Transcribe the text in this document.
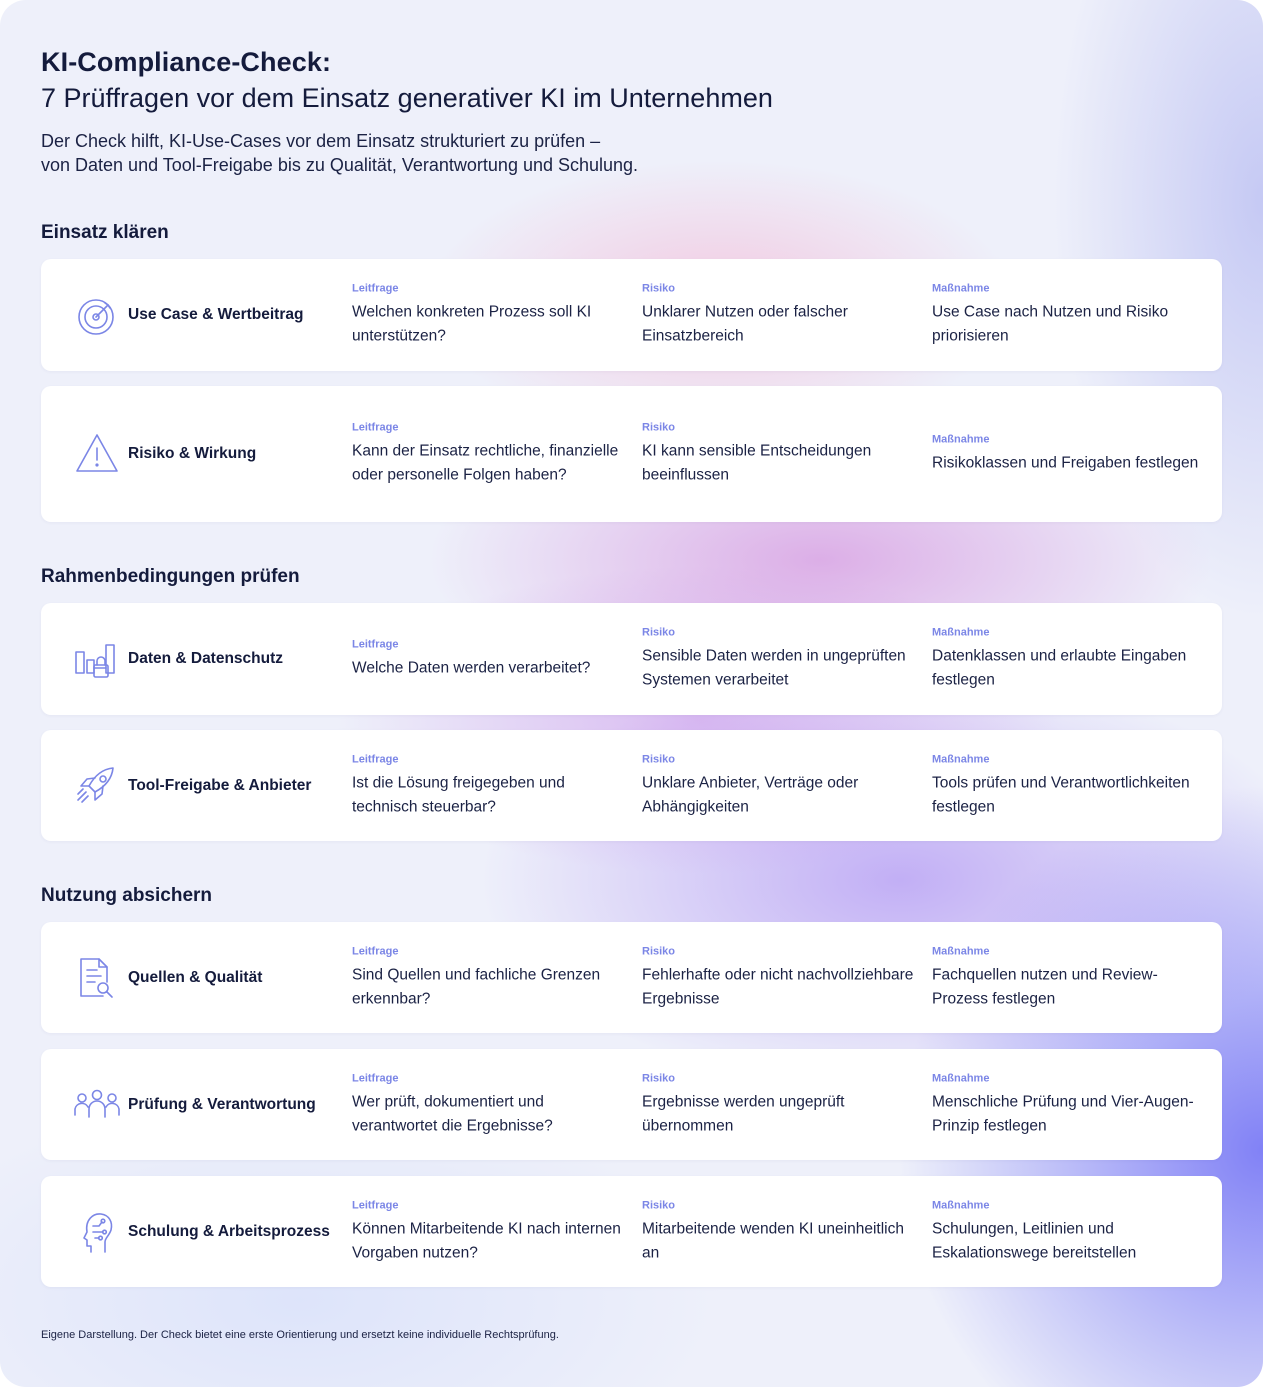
KI-Compliance-Check:
7 Prüffragen vor dem Einsatz generativer KI im Unternehmen

Der Check hilft, KI-Use-Cases vor dem Einsatz strukturiert zu prüfen –
von Daten und Tool-Freigabe bis zu Qualität, Verantwortung und Schulung.

Einsatz klären
Use Case & Wertbeitrag
Leitfrage
Welchen konkreten Prozess soll KI unterstützen?
Risiko
Unklarer Nutzen oder falscher Einsatzbereich
Maßnahme
Use Case nach Nutzen und Risiko priorisieren
Risiko & Wirkung
Leitfrage
Kann der Einsatz rechtliche, finanzielle oder personelle Folgen haben?
Risiko
KI kann sensible Entscheidungen beeinflussen
Maßnahme
Risikoklassen und Freigaben festlegen
Rahmenbedingungen prüfen
Daten & Datenschutz
Leitfrage
Welche Daten werden verarbeitet?
Risiko
Sensible Daten werden in ungeprüften Systemen verarbeitet
Maßnahme
Datenklassen und erlaubte Eingaben festlegen
Tool-Freigabe & Anbieter
Leitfrage
Ist die Lösung freigegeben und technisch steuerbar?
Risiko
Unklare Anbieter, Verträge oder Abhängigkeiten
Maßnahme
Tools prüfen und Verantwortlichkeiten festlegen
Nutzung absichern
Quellen & Qualität
Leitfrage
Sind Quellen und fachliche Grenzen erkennbar?
Risiko
Fehlerhafte oder nicht nachvollziehbare Ergebnisse
Maßnahme
Fachquellen nutzen und Review-Prozess festlegen
Prüfung & Verantwortung
Leitfrage
Wer prüft, dokumentiert und verantwortet die Ergebnisse?
Risiko
Ergebnisse werden ungeprüft übernommen
Maßnahme
Menschliche Prüfung und Vier-Augen-Prinzip festlegen
Schulung & Arbeitsprozess
Leitfrage
Können Mitarbeitende KI nach internen Vorgaben nutzen?
Risiko
Mitarbeitende wenden KI uneinheitlich an
Maßnahme
Schulungen, Leitlinien und Eskalationswege bereitstellen
Eigene Darstellung. Der Check bietet eine erste Orientierung und ersetzt keine individuelle Rechtsprüfung.
